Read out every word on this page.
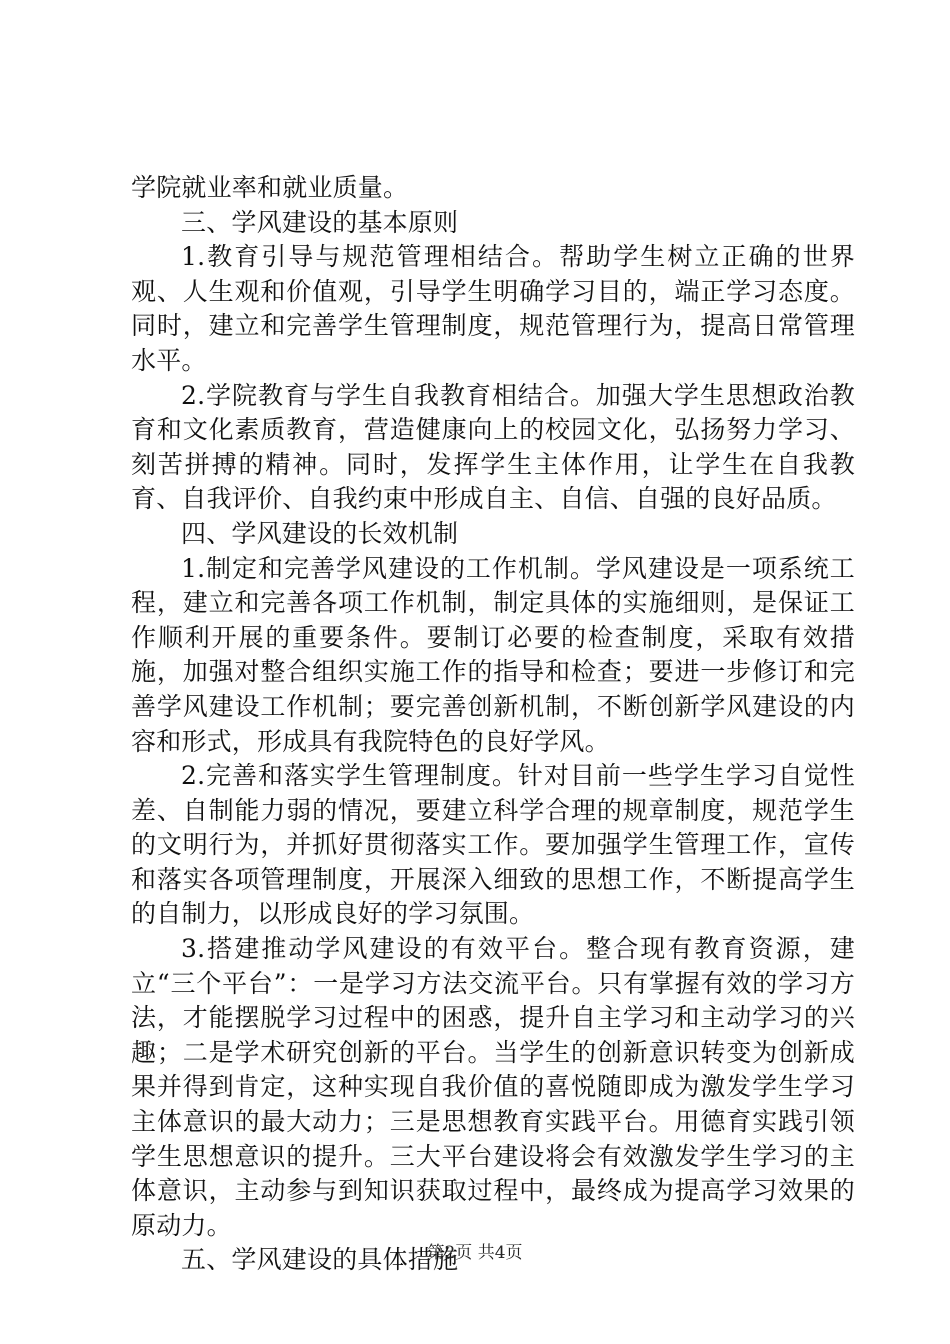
学院就业率和就业质量。

三、学风建设的基本原则

1.教育引导与规范管理相结合。帮助学生树立正确的世界观、人生观和价值观，引导学生明确学习目的，端正学习态度。同时，建立和完善学生管理制度，规范管理行为，提高日常管理水平。

2.学院教育与学生自我教育相结合。加强大学生思想政治教育和文化素质教育，营造健康向上的校园文化，弘扬努力学习、刻苦拼搏的精神。同时，发挥学生主体作用，让学生在自我教育、自我评价、自我约束中形成自主、自信、自强的良好品质。

四、学风建设的长效机制

1.制定和完善学风建设的工作机制。学风建设是一项系统工程，建立和完善各项工作机制，制定具体的实施细则，是保证工作顺利开展的重要条件。要制订必要的检查制度，采取有效措施，加强对整合组织实施工作的指导和检查；要进一步修订和完善学风建设工作机制；要完善创新机制，不断创新学风建设的内容和形式，形成具有我院特色的良好学风。

2.完善和落实学生管理制度。针对目前一些学生学习自觉性差、自制能力弱的情况，要建立科学合理的规章制度，规范学生的文明行为，并抓好贯彻落实工作。要加强学生管理工作，宣传和落实各项管理制度，开展深入细致的思想工作，不断提高学生的自制力，以形成良好的学习氛围。

3.搭建推动学风建设的有效平台。整合现有教育资源，建立“三个平台”：一是学习方法交流平台。只有掌握有效的学习方法，才能摆脱学习过程中的困惑，提升自主学习和主动学习的兴趣；二是学术研究创新的平台。当学生的创新意识转变为创新成果并得到肯定，这种实现自我价值的喜悦随即成为激发学生学习主体意识的最大动力；三是思想教育实践平台。用德育实践引领学生思想意识的提升。三大平台建设将会有效激发学生学习的主体意识，主动参与到知识获取过程中，最终成为提高学习效果的原动力。

五、学风建设的具体措施

第2页 共4页
